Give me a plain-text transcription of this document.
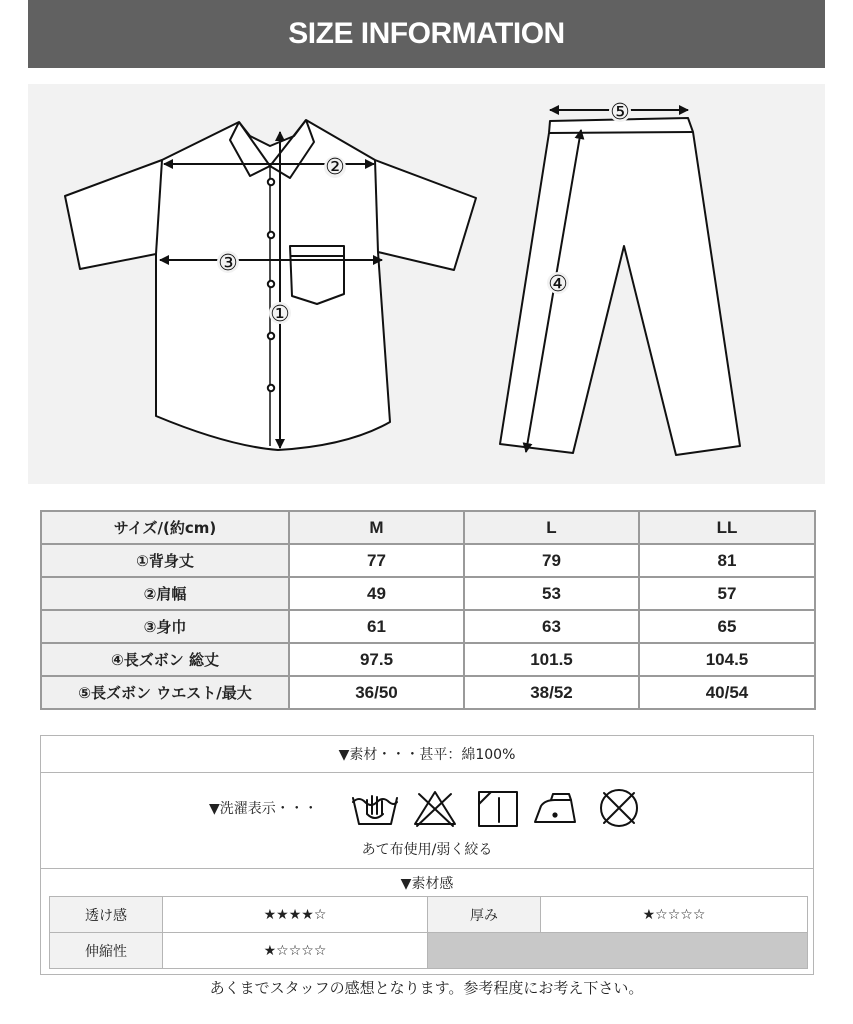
SIZE INFORMATION
②
③
①
④
⑤
サイズ/(約cm)	M	L	LL
①背身丈	77	79	81
②肩幅	49	53	57
③身巾	61	63	65
④長ズボン 総丈	97.5	101.5	104.5
⑤長ズボン ウエスト/最大	36/50	38/52	40/54
▼素材・・・甚平：綿100%
▼洗濯表示・・・
あて布使用/弱く絞る
▼素材感
透け感	★★★★☆	厚み	★☆☆☆☆
伸縮性	★☆☆☆☆		
あくまでスタッフの感想となります。参考程度にお考え下さい。
